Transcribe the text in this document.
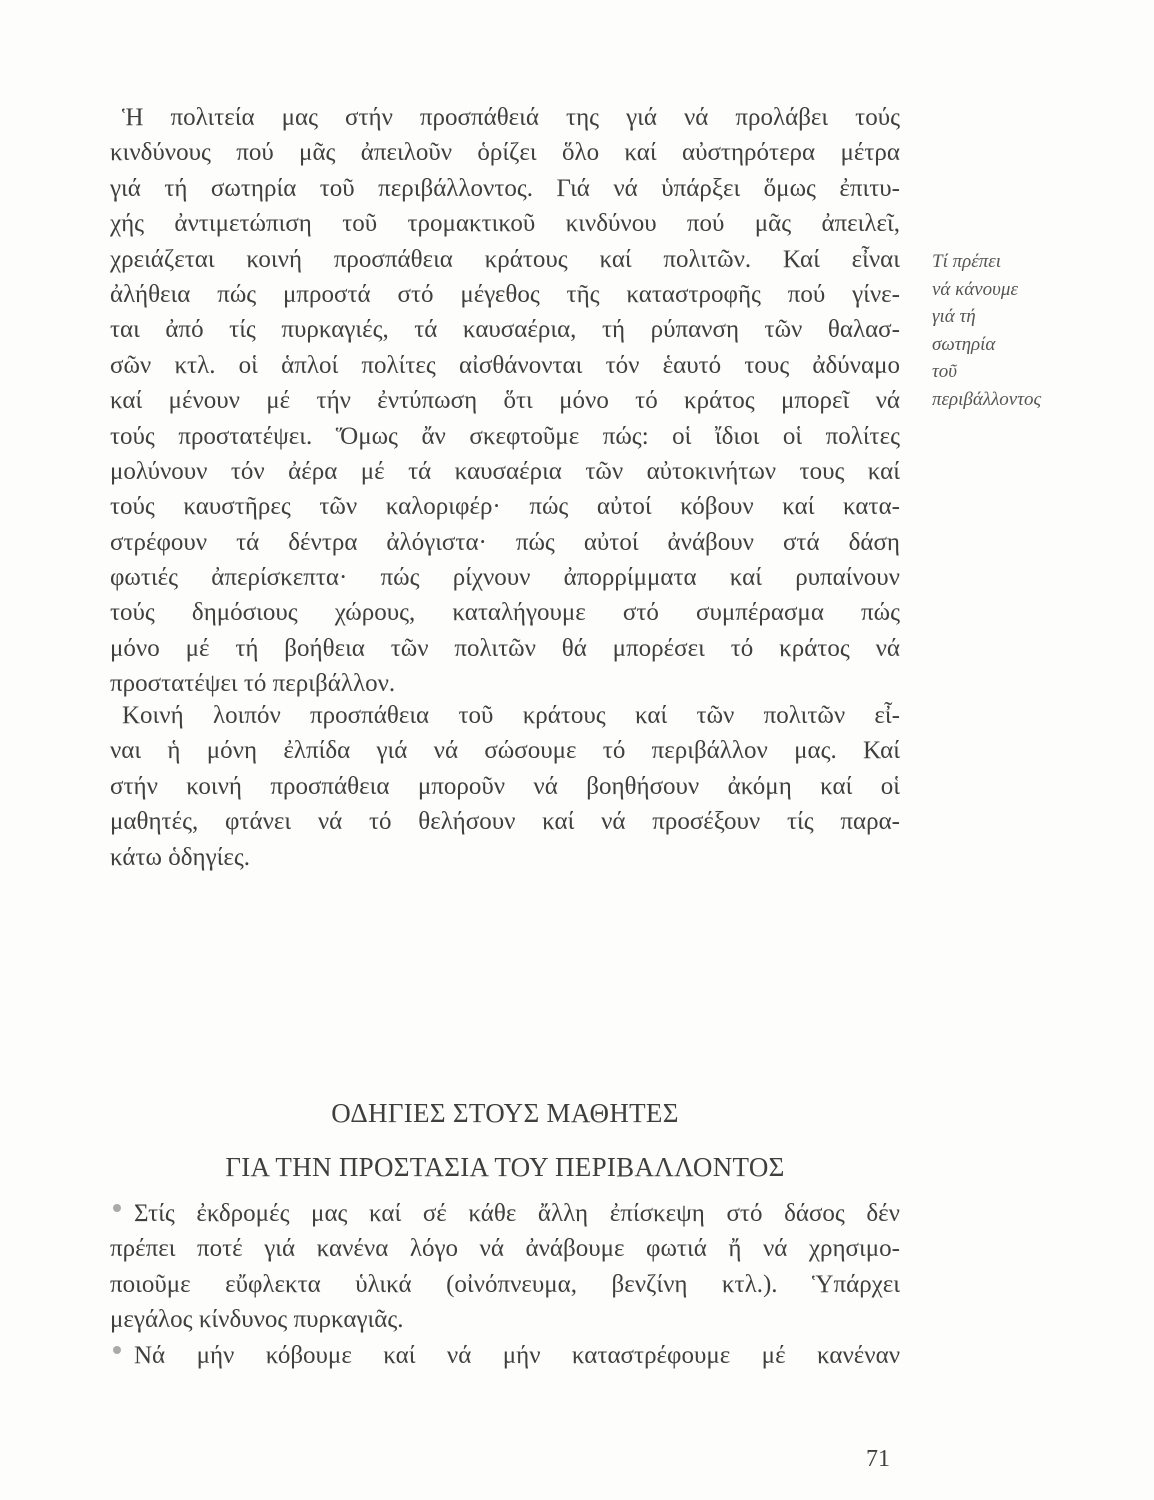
Ἡ πολιτεία μας στήν προσπάθειά της γιά νά προλάβει τούς
κινδύνους πού μᾶς ἀπειλοῦν ὁρίζει ὅλο καί αὐστηρότερα μέτρα
γιά τή σωτηρία τοῦ περιβάλλοντος. Γιά νά ὑπάρξει ὅμως ἐπιτυ-
χής ἀντιμετώπιση τοῦ τρομακτικοῦ κινδύνου πού μᾶς ἀπειλεῖ,
χρειάζεται κοινή προσπάθεια κράτους καί πολιτῶν. Καί εἶναι
ἀλήθεια πώς μπροστά στό μέγεθος τῆς καταστροφῆς πού γίνε-
ται ἀπό τίς πυρκαγιές, τά καυσαέρια, τή ρύπανση τῶν θαλασ-
σῶν κτλ. οἱ ἁπλοί πολίτες αἰσθάνονται τόν ἑαυτό τους ἀδύναμο
καί μένουν μέ τήν ἐντύπωση ὅτι μόνο τό κράτος μπορεῖ νά
τούς προστατέψει. Ὅμως ἄν σκεφτοῦμε πώς: οἱ ἴδιοι οἱ πολίτες
μολύνουν τόν ἀέρα μέ τά καυσαέρια τῶν αὐτοκινήτων τους καί
τούς καυστῆρες τῶν καλοριφέρ· πώς αὐτοί κόβουν καί κατα-
στρέφουν τά δέντρα ἀλόγιστα· πώς αὐτοί ἀνάβουν στά δάση
φωτιές ἀπερίσκεπτα· πώς ρίχνουν ἀπορρίμματα καί ρυπαίνουν
τούς δημόσιους χώρους, καταλήγουμε στό συμπέρασμα πώς
μόνο μέ τή βοήθεια τῶν πολιτῶν θά μπορέσει τό κράτος νά
προστατέψει τό περιβάλλον.
Κοινή λοιπόν προσπάθεια τοῦ κράτους καί τῶν πολιτῶν εἶ-
ναι ἡ μόνη ἐλπίδα γιά νά σώσουμε τό περιβάλλον μας. Καί
στήν κοινή προσπάθεια μποροῦν νά βοηθήσουν ἀκόμη καί οἱ
μαθητές, φτάνει νά τό θελήσουν καί νά προσέξουν τίς παρα-
κάτω ὁδηγίες.
Τί πρέπει
νά κάνουμε
γιά τή
σωτηρία
τοῦ
περιβάλλοντος
ΟΔΗΓΙΕΣ ΣΤΟΥΣ ΜΑΘΗΤΕΣ
ΓΙΑ ΤΗΝ ΠΡΟΣΤΑΣΙΑ ΤΟΥ ΠΕΡΙΒΑΛΛΟΝΤΟΣ
Στίς ἐκδρομές μας καί σέ κάθε ἄλλη ἐπίσκεψη στό δάσος δέν
πρέπει ποτέ γιά κανένα λόγο νά ἀνάβουμε φωτιά ἤ νά χρησιμο-
ποιοῦμε εὔφλεκτα ὑλικά (οἰνόπνευμα, βενζίνη κτλ.). Ὑπάρχει
μεγάλος κίνδυνος πυρκαγιᾶς.
Νά μήν κόβουμε καί νά μήν καταστρέφουμε μέ κανέναν
71
